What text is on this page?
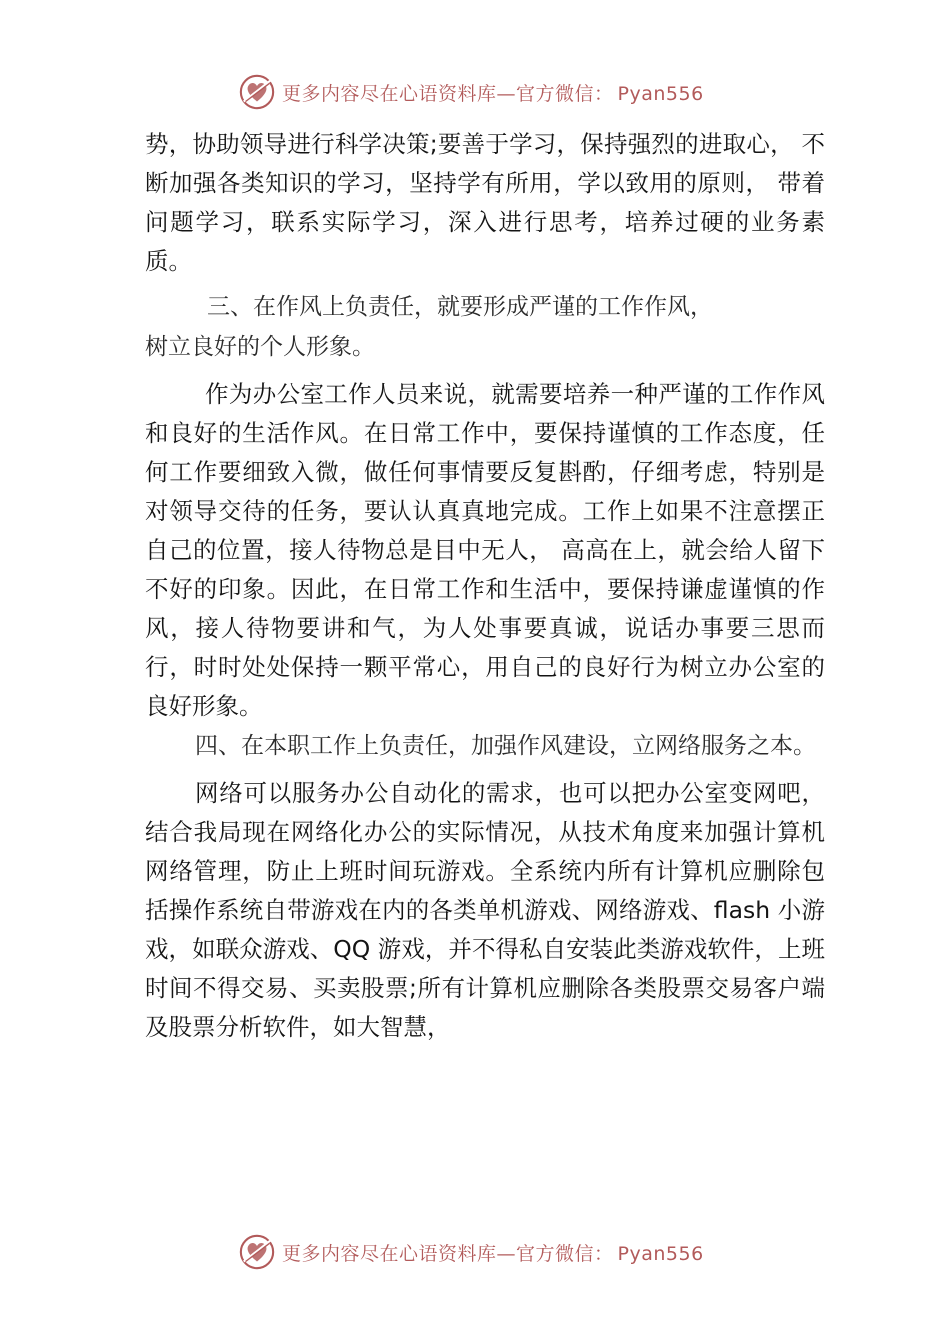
更多内容尽在心语资料库—官方微信： Pyan556

势，协助领导进行科学决策;要善于学习，保持强烈的进取心， 不断加强各类知识的学习，坚持学有所用，学以致用的原则， 带着问题学习，联系实际学习，深入进行思考，培养过硬的业务素质。

三、在作风上负责任，就要形成严谨的工作作风，

树立良好的个人形象。

作为办公室工作人员来说，就需要培养一种严谨的工作作风和良好的生活作风。在日常工作中，要保持谨慎的工作态度，任何工作要细致入微，做任何事情要反复斟酌，仔细考虑，特别是对领导交待的任务，要认认真真地完成。工作上如果不注意摆正自己的位置，接人待物总是目中无人， 高高在上，就会给人留下不好的印象。因此，在日常工作和生活中，要保持谦虚谨慎的作风，接人待物要讲和气，为人处事要真诚，说话办事要三思而行，时时处处保持一颗平常心，用自己的良好行为树立办公室的良好形象。

四、在本职工作上负责任，加强作风建设，立网络服务之本。

网络可以服务办公自动化的需求，也可以把办公室变网吧，结合我局现在网络化办公的实际情况，从技术角度来加强计算机网络管理，防止上班时间玩游戏。全系统内所有计算机应删除包括操作系统自带游戏在内的各类单机游戏、网络游戏、flash 小游戏，如联众游戏、QQ 游戏，并不得私自安装此类游戏软件，上班时间不得交易、买卖股票;所有计算机应删除各类股票交易客户端及股票分析软件，如大智慧，

更多内容尽在心语资料库—官方微信： Pyan556
